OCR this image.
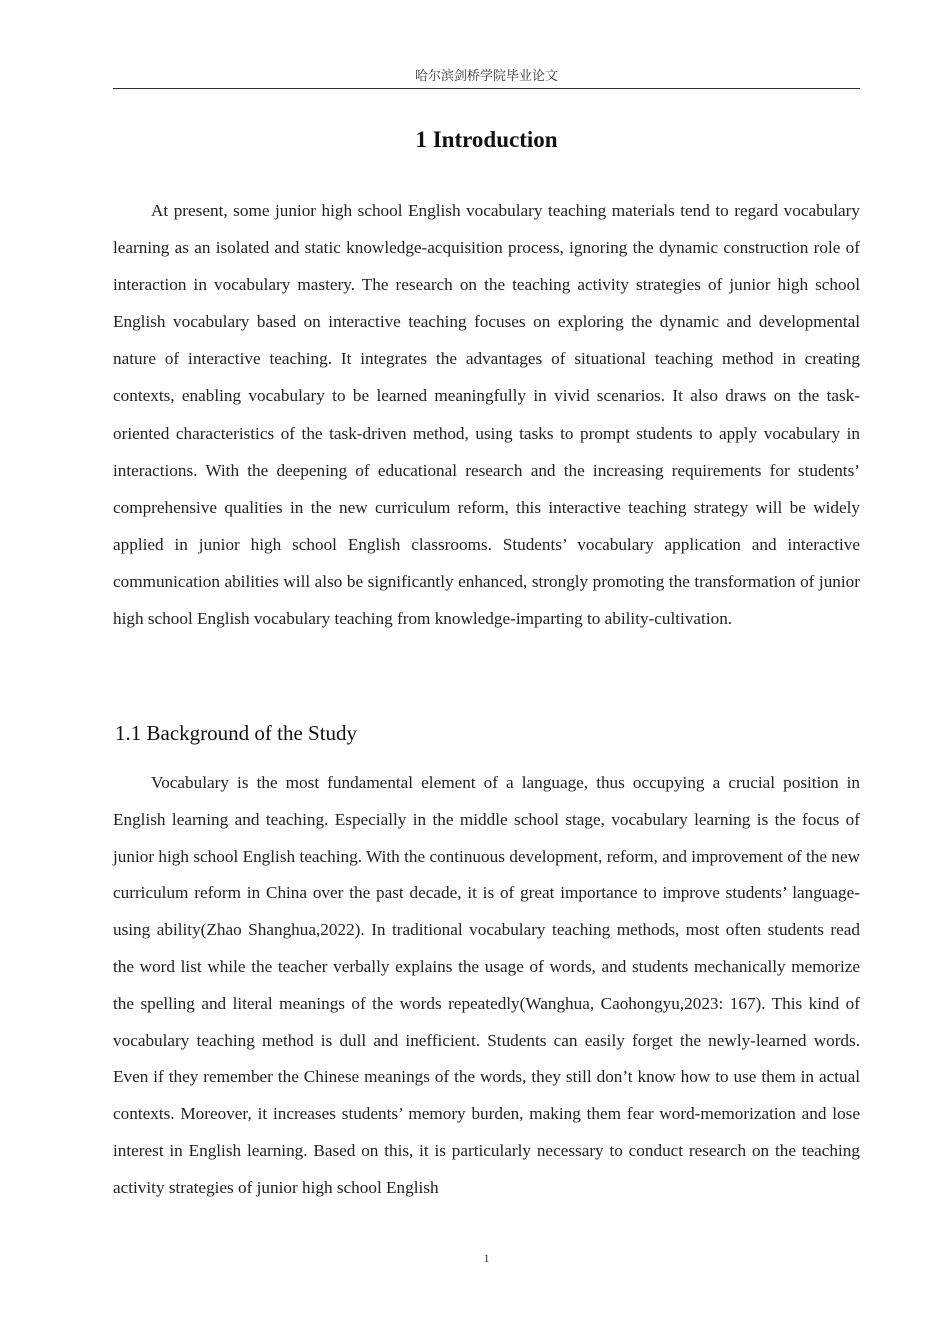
哈尔滨剑桥学院毕业论文
1 Introduction

At present, some junior high school English vocabulary teaching materials tend to regard vocabulary learning as an isolated and static knowledge-acquisition process, ignoring the dynamic construction role of interaction in vocabulary mastery. The research on the teaching activity strategies of junior high school English vocabulary based on interactive teaching focuses on exploring the dynamic and developmental nature of interactive teaching. It integrates the advantages of situational teaching method in creating contexts, enabling vocabulary to be learned meaningfully in vivid scenarios. It also draws on the task-oriented characteristics of the task-driven method, using tasks to prompt students to apply vocabulary in interactions. With the deepening of educational research and the increasing requirements for students’ comprehensive qualities in the new curriculum reform, this interactive teaching strategy will be widely applied in junior high school English classrooms. Students’ vocabulary application and interactive communication abilities will also be significantly enhanced, strongly promoting the transformation of junior high school English vocabulary teaching from knowledge-imparting to ability-cultivation.

1.1 Background of the Study

Vocabulary is the most fundamental element of a language, thus occupying a crucial position in English learning and teaching. Especially in the middle school stage, vocabulary learning is the focus of junior high school English teaching. With the continuous development, reform, and improvement of the new curriculum reform in China over the past decade, it is of great importance to improve students’ language-using ability(Zhao Shanghua,2022). In traditional vocabulary teaching methods, most often students read the word list while the teacher verbally explains the usage of words, and students mechanically memorize the spelling and literal meanings of the words repeatedly(Wanghua, Caohongyu,2023: 167). This kind of vocabulary teaching method is dull and inefficient. Students can easily forget the newly-learned words. Even if they remember the Chinese meanings of the words, they still don’t know how to use them in actual contexts. Moreover, it increases students’ memory burden, making them fear word-memorization and lose interest in English learning. Based on this, it is particularly necessary to conduct research on the teaching activity strategies of junior high school English

1
